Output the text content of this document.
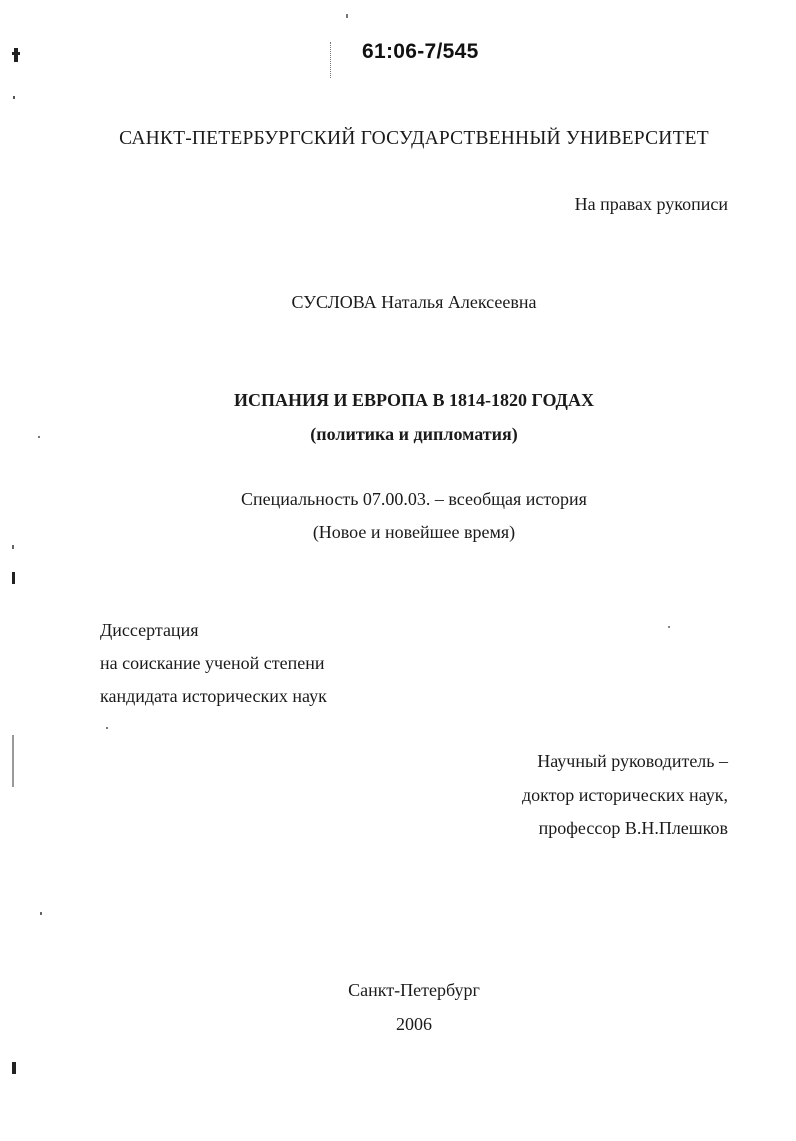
61:06-7/545
САНКТ-ПЕТЕРБУРГСКИЙ ГОСУДАРСТВЕННЫЙ УНИВЕРСИТЕТ
На правах рукописи
СУСЛОВА Наталья Алексеевна
ИСПАНИЯ И ЕВРОПА В 1814-1820 ГОДАХ
(политика и дипломатия)
Специальность 07.00.03. – всеобщая история
(Новое и новейшее время)
Диссертация
на соискание ученой степени
кандидата исторических наук
Научный руководитель –
доктор исторических наук,
профессор В.Н.Плешков
Санкт-Петербург
2006
